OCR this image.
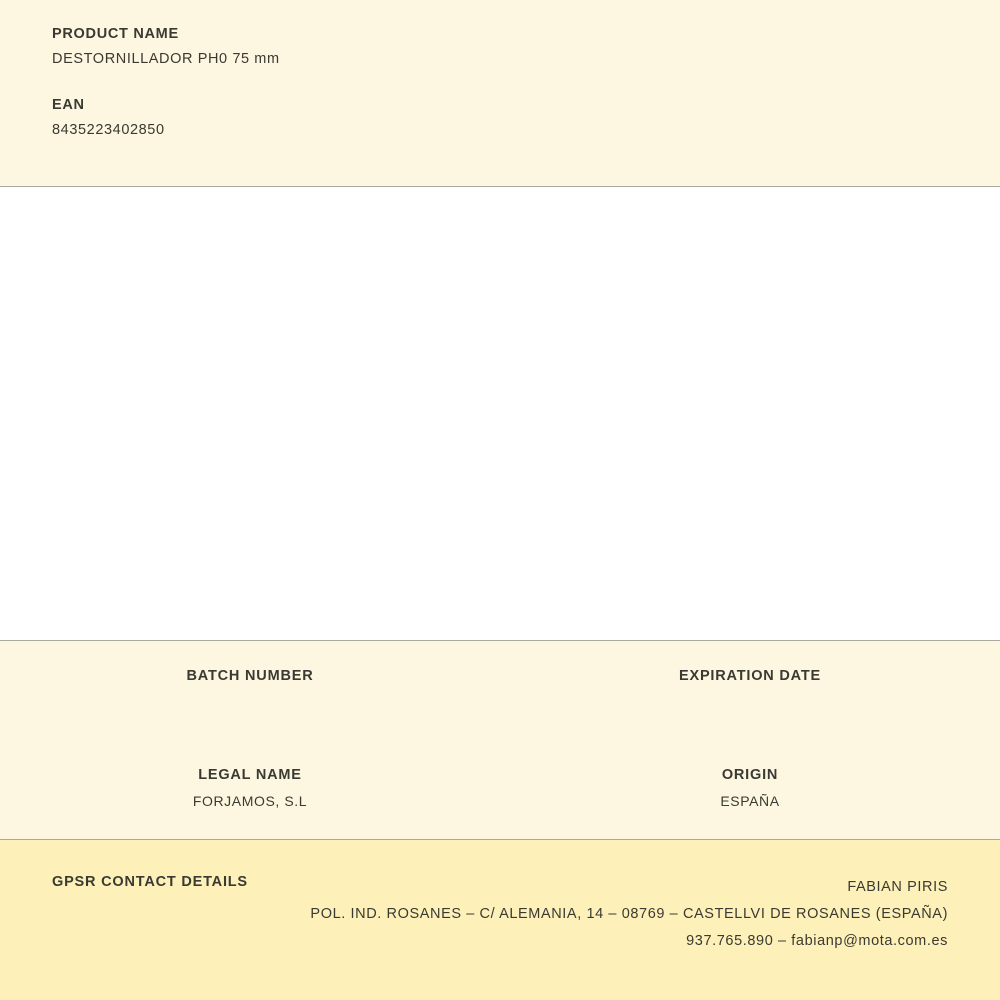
PRODUCT NAME
DESTORNILLADOR PH0 75 mm
EAN
8435223402850
BATCH NUMBER	EXPIRATION DATE
LEGAL NAME
FORJAMOS, S.L
ORIGIN
ESPAÑA
GPSR CONTACT DETAILS	FABIAN PIRIS
POL. IND. ROSANES – C/ ALEMANIA, 14 – 08769 – CASTELLVI DE ROSANES (ESPAÑA)
937.765.890 – fabianp@mota.com.es
